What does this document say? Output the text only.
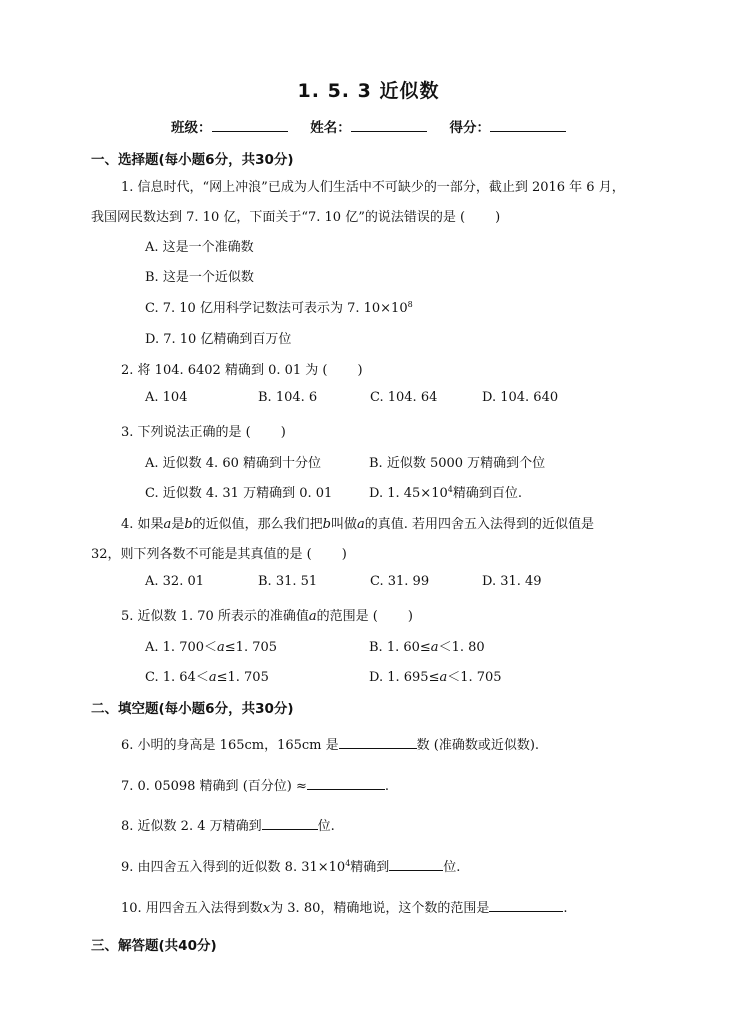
1. 5. 3 近似数
班级：	姓名：	得分：
一、选择题(每小题6分，共30分)
1. 信息时代，“网上冲浪”已成为人们生活中不可缺少的一部分，截止到 2016 年 6 月，
我国网民数达到 7. 10 亿，下面关于“7. 10 亿”的说法错误的是 ( )
A. 这是一个准确数
B. 这是一个近似数
C. 7. 10 亿用科学记数法可表示为 7. $10\times 10^8$
D. 7. 10 亿精确到百万位
2. 将 104. 6402 精确到 0. 01 为 ( )
A. 104	B. 104. 6	C. 104. 64	D. 104. 640
3. 下列说法正确的是 ( )
A. 近似数 4. 60 精确到十分位	B. 近似数 5000 万精确到个位
C. 近似数 4. 31 万精确到 0. 01	D. 1. $45\times 10^4$精确到百位.
4. 如果a是b的近似值，那么我们把b叫做a的真值. 若用四舍五入法得到的近似值是
32，则下列各数不可能是其真值的是 ( )
A. 32. 01	B. 31. 51	C. 31. 99	D. 31. 49
5. 近似数 1. 70 所表示的准确值a的范围是 ( )
A. 1. 700＜a≤1. 705	B. 1. 60≤a＜1. 80
C. 1. 64＜a≤1. 705	D. 1. 695≤a＜1. 705
二、填空题(每小题6分，共30分)
6. 小明的身高是 165cm，165cm 是	数 (准确数或近似数).
7. 0. 05098 精确到 (百分位) ≈	.
8. 近似数 2. 4 万精确到	位.
9. 由四舍五入得到的近似数 8. $31\times 10^4$精确到	位.
10. 用四舍五入法得到数x为 3. 80，精确地说，这个数的范围是	.
三、解答题(共40分)
